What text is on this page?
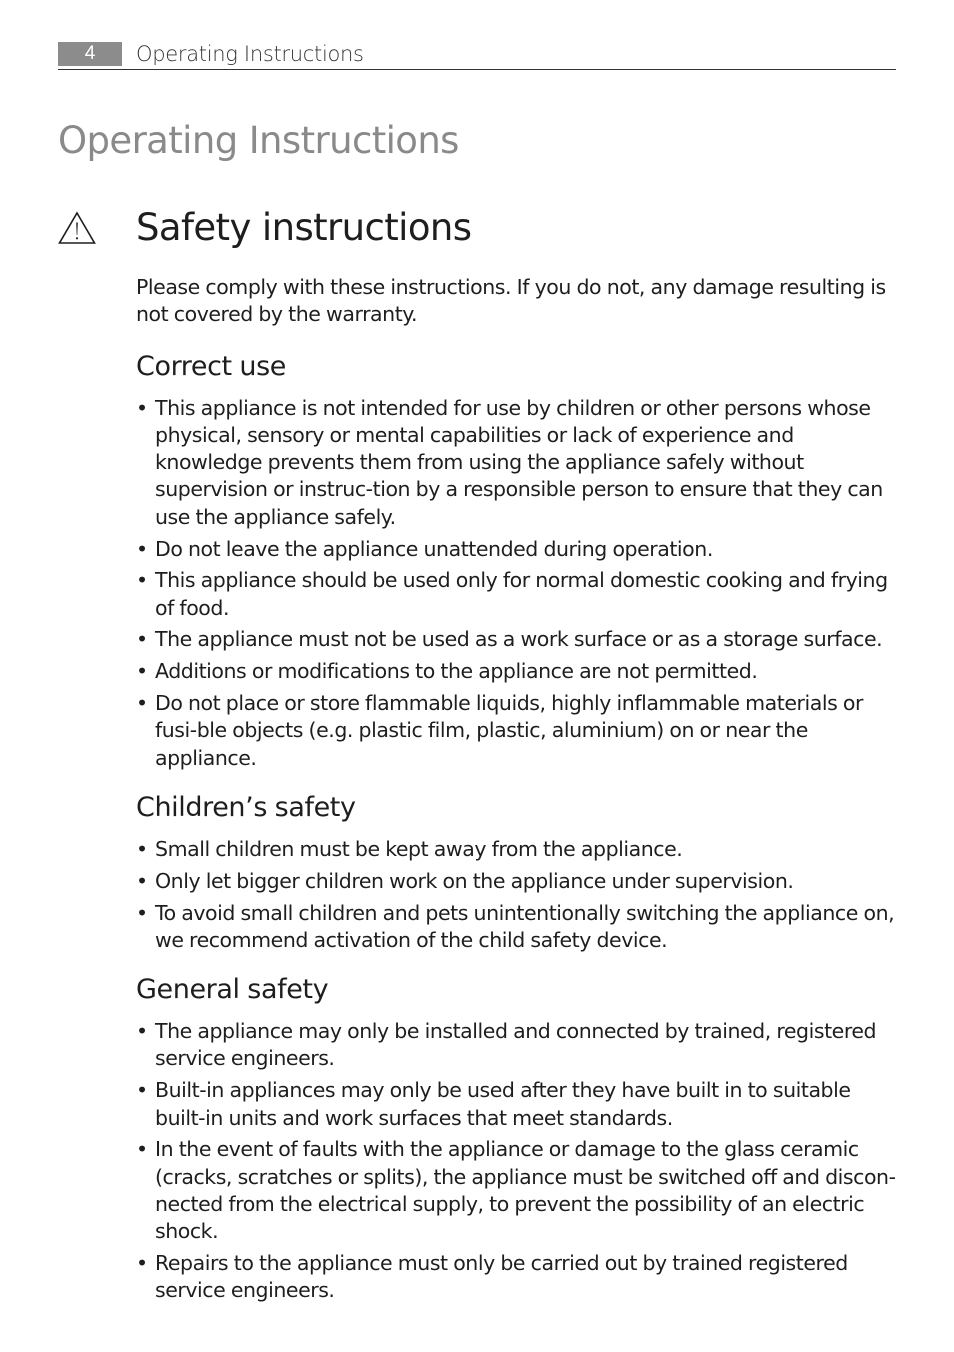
4	Operating Instructions
Operating Instructions
Safety instructions

Please comply with these instructions. If you do not, any damage resulting is not covered by the warranty.

Correct use
• This appliance is not intended for use by children or other persons whose physical, sensory or mental capabilities or lack of experience and knowledge prevents them from using the appliance safely without supervision or instruc-tion by a responsible person to ensure that they can use the appliance safely.
• Do not leave the appliance unattended during operation.
• This appliance should be used only for normal domestic cooking and frying of food.
• The appliance must not be used as a work surface or as a storage surface.
• Additions or modifications to the appliance are not permitted.
• Do not place or store flammable liquids, highly inflammable materials or fusi-ble objects (e.g. plastic film, plastic, aluminium) on or near the appliance.
Children’s safety
• Small children must be kept away from the appliance.
• Only let bigger children work on the appliance under supervision.
• To avoid small children and pets unintentionally switching the appliance on, we recommend activation of the child safety device.
General safety
• The appliance may only be installed and connected by trained, registered service engineers.
• Built-in appliances may only be used after they have built in to suitable built-in units and work surfaces that meet standards.
• In the event of faults with the appliance or damage to the glass ceramic (cracks, scratches or splits), the appliance must be switched off and discon-nected from the electrical supply, to prevent the possibility of an electric shock.
• Repairs to the appliance must only be carried out by trained registered service engineers.
